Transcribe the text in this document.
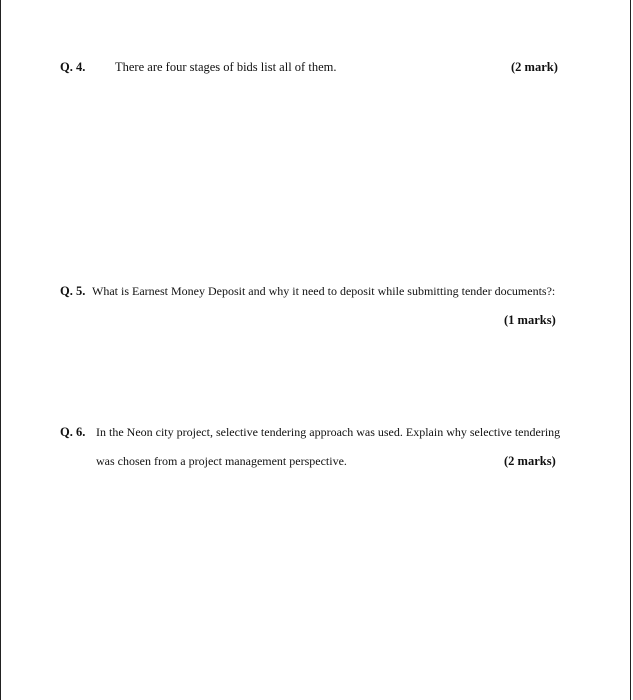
Q. 4. There are four stages of bids list all of them.	(2 mark)
Q. 5. What is Earnest Money Deposit and why it need to deposit while submitting tender documents?:
(1 marks)
Q. 6. In the Neon city project, selective tendering approach was used. Explain why selective tendering
was chosen from a project management perspective.	(2 marks)
